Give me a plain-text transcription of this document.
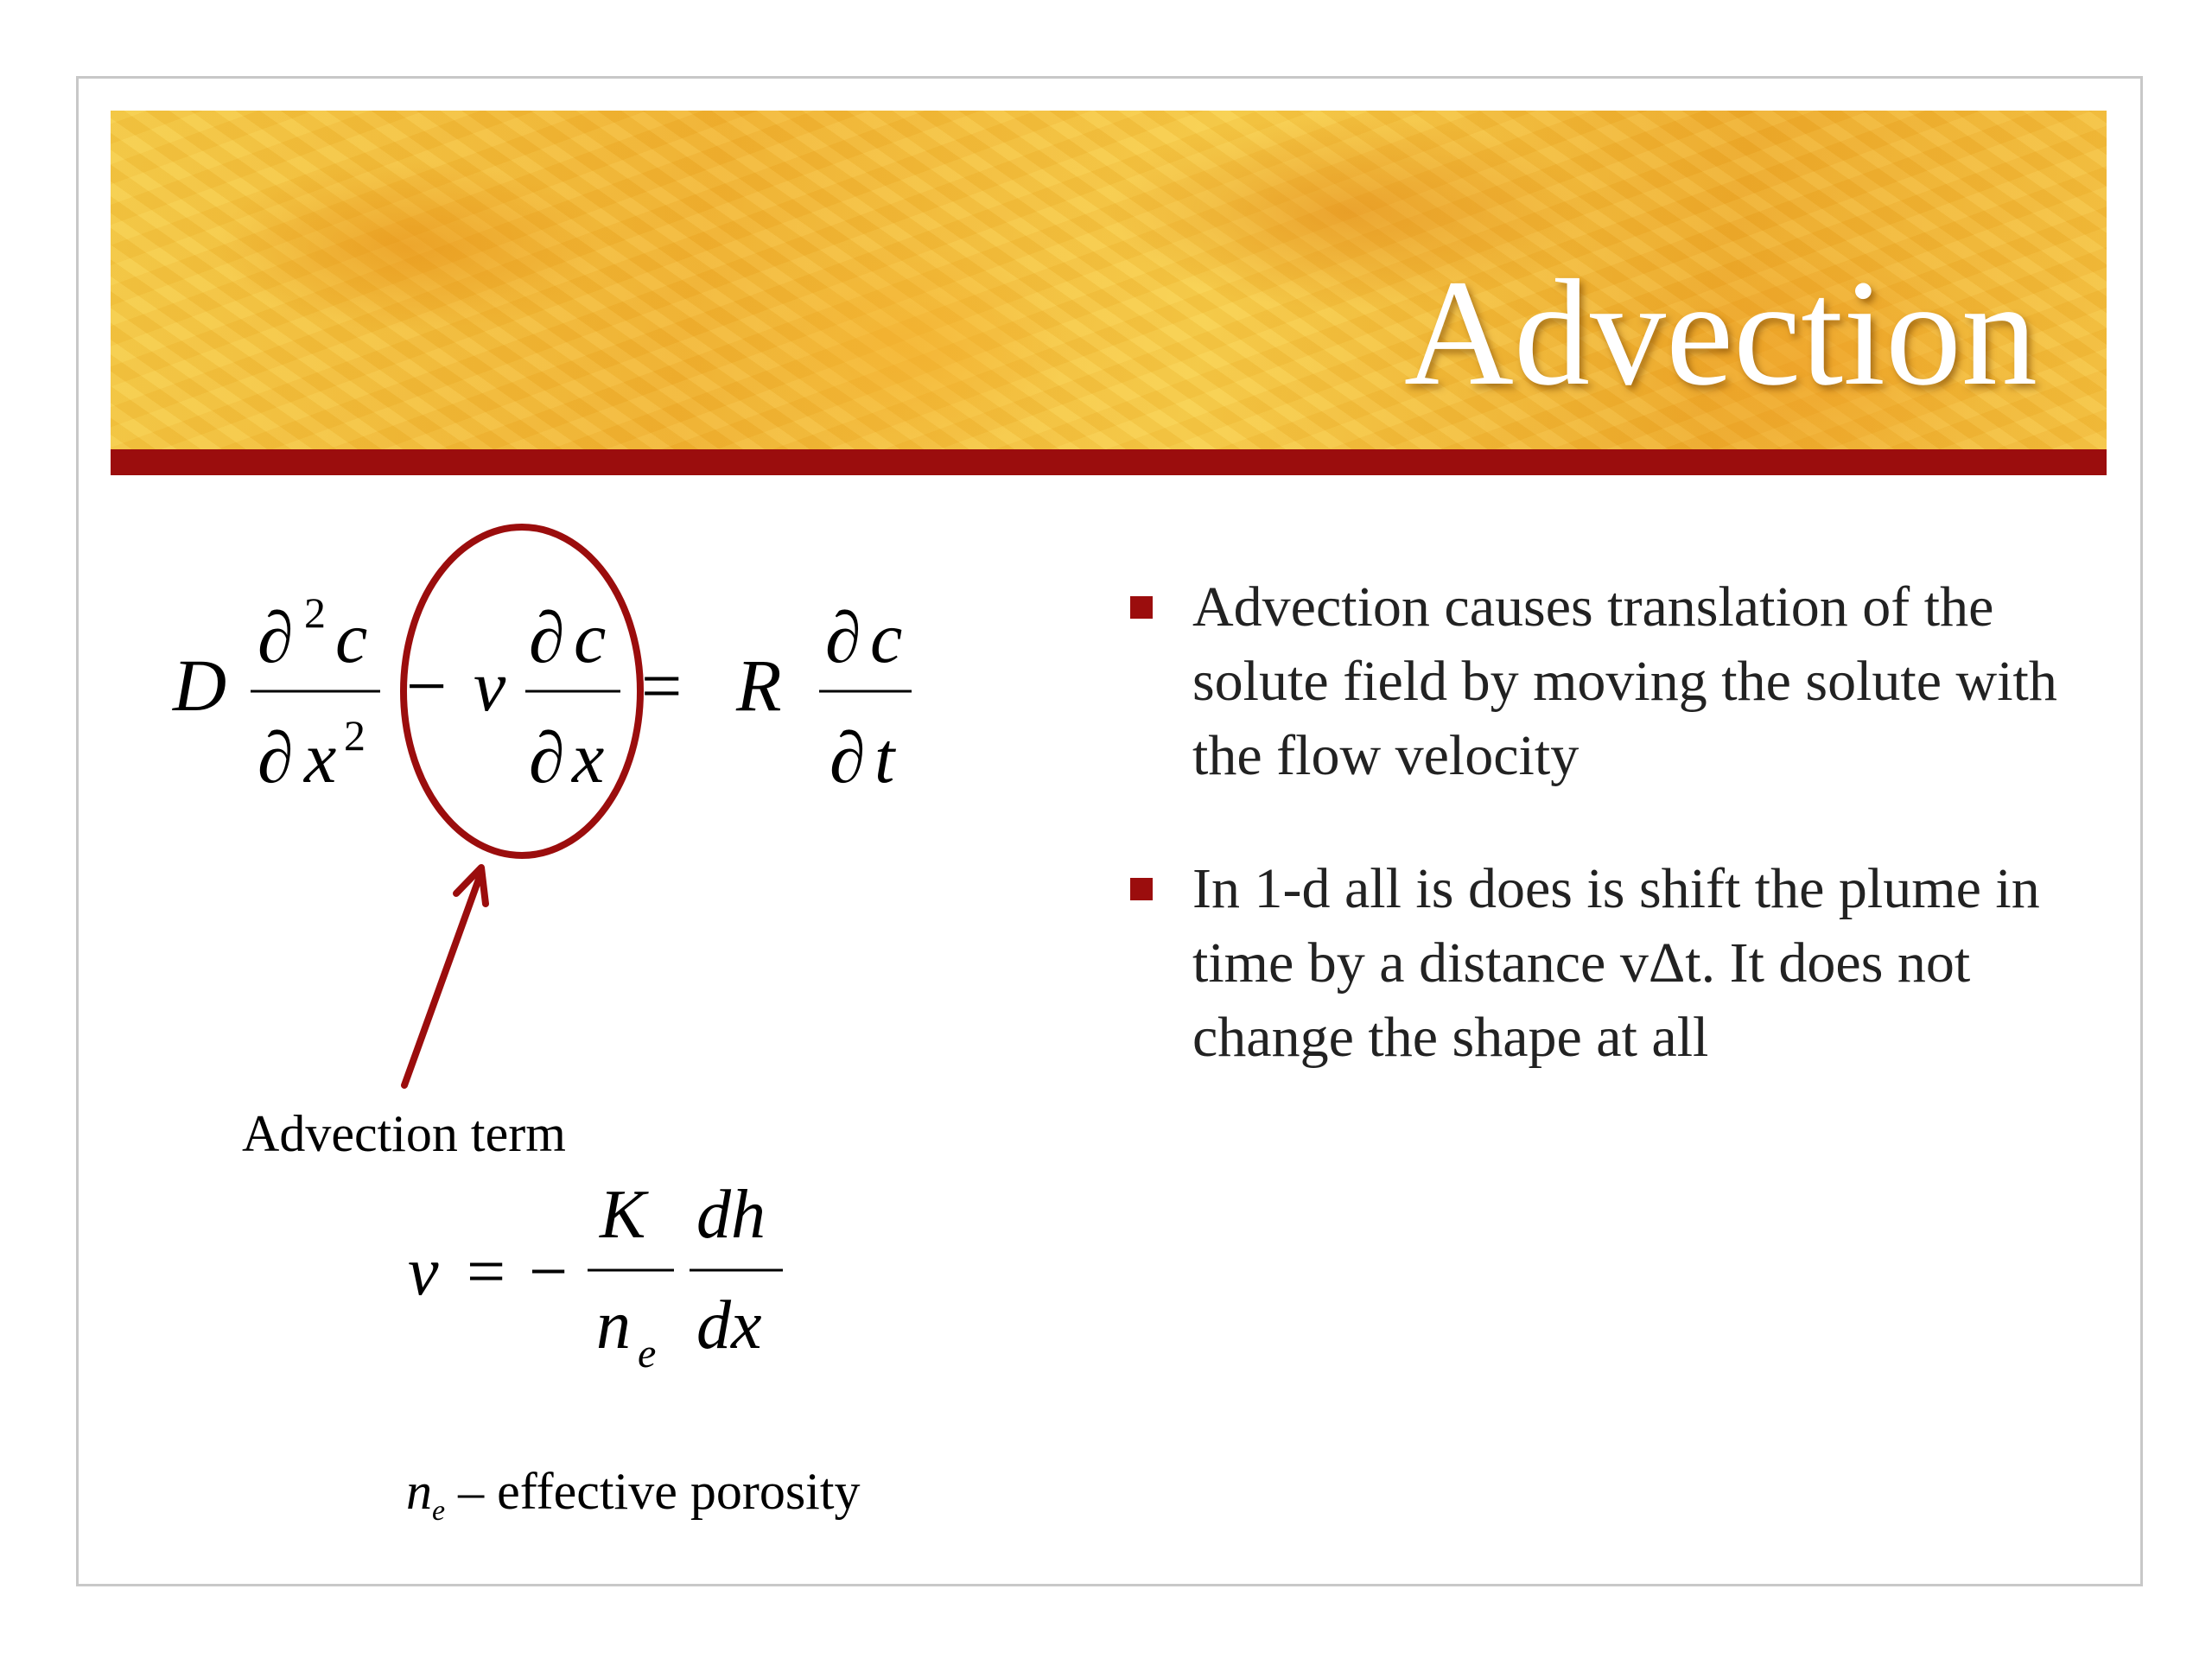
Advection
D
∂ 2 c
∂ x 2
− v
∂ c
∂ x
= R
∂ c
∂ t
v = −
K
n e
dh
dx

Advection term

$n_e$ – effective porosity

Advection causes translation of the solute field by moving the solute with the flow velocity
In 1-d all is does is shift the plume in time by a distance vΔt. It does not change the shape at all
